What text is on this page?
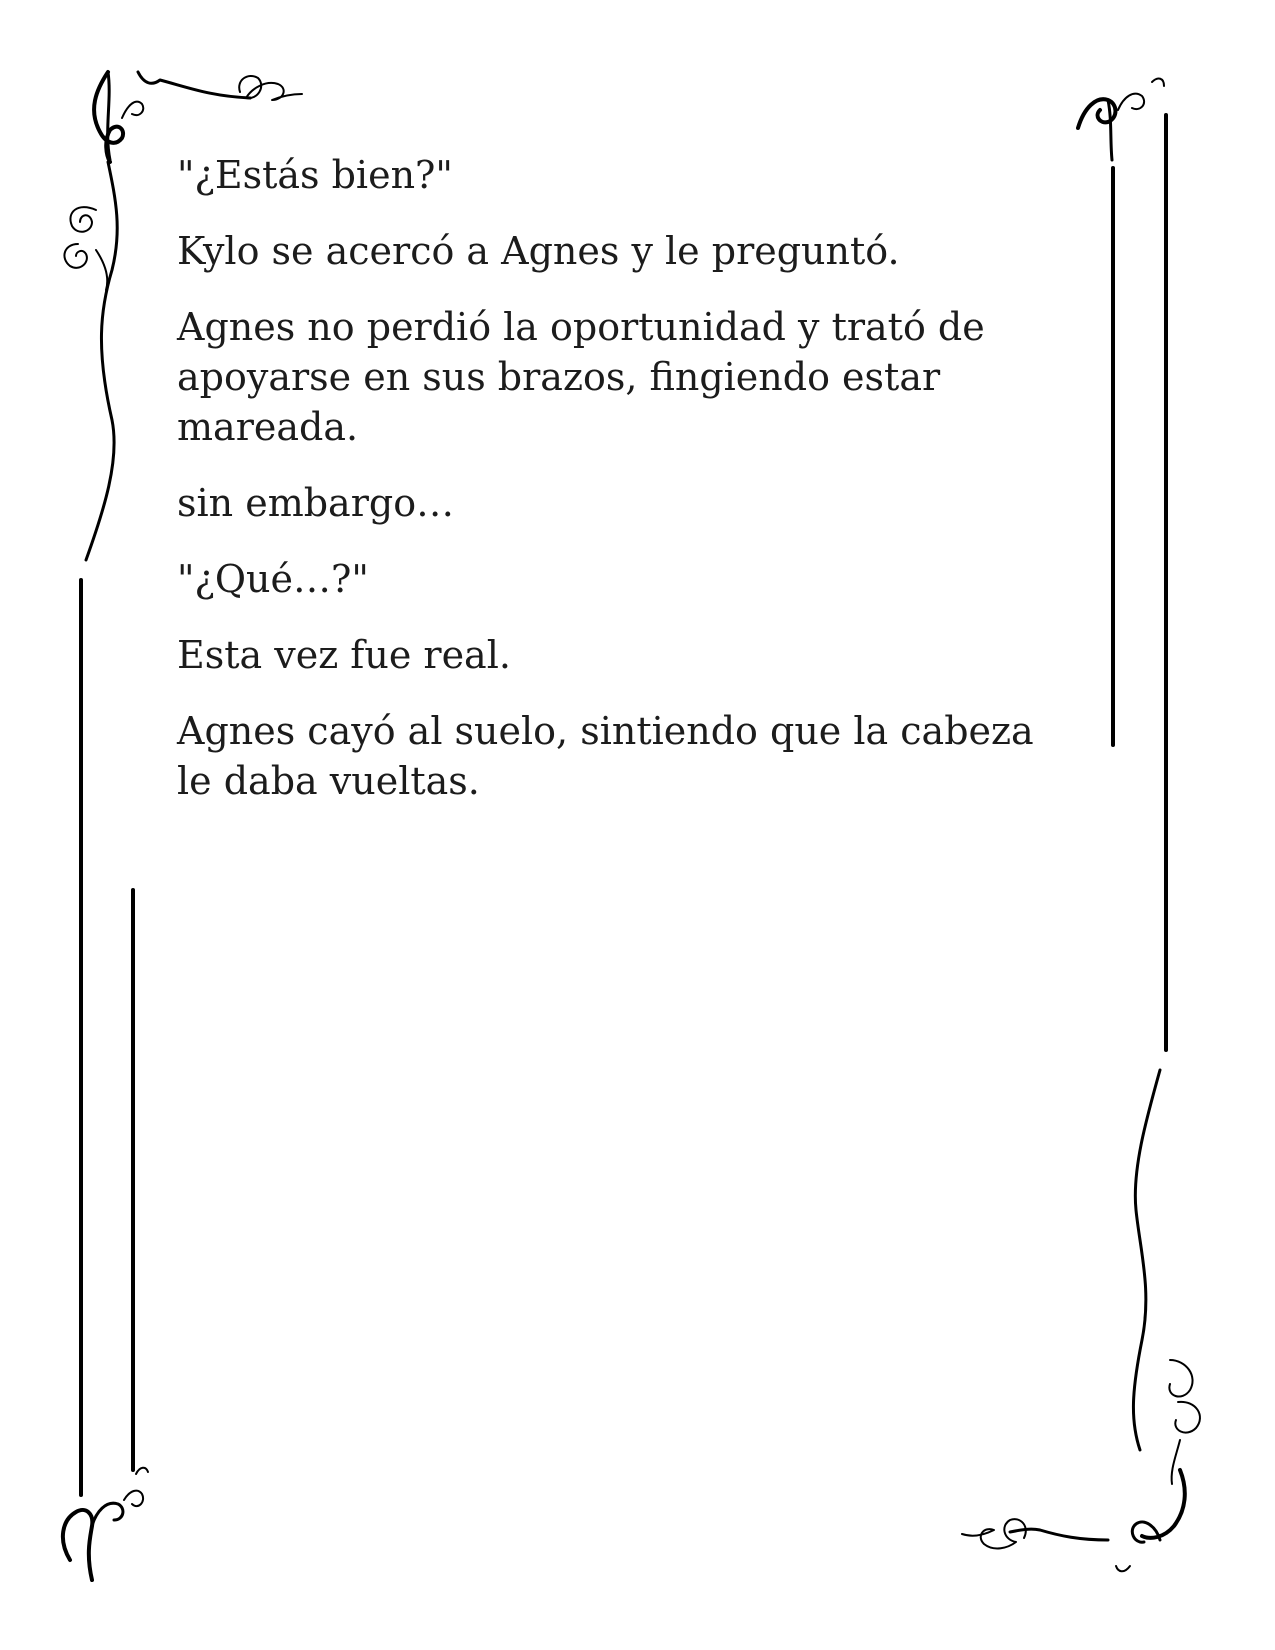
"¿Estás bien?"

Kylo se acercó a Agnes y le preguntó.

Agnes no perdió la oportunidad y trató de apoyarse en sus brazos, fingiendo estar mareada.

sin embargo…

"¿Qué…?"

Esta vez fue real.

Agnes cayó al suelo, sintiendo que la cabeza le daba vueltas.
